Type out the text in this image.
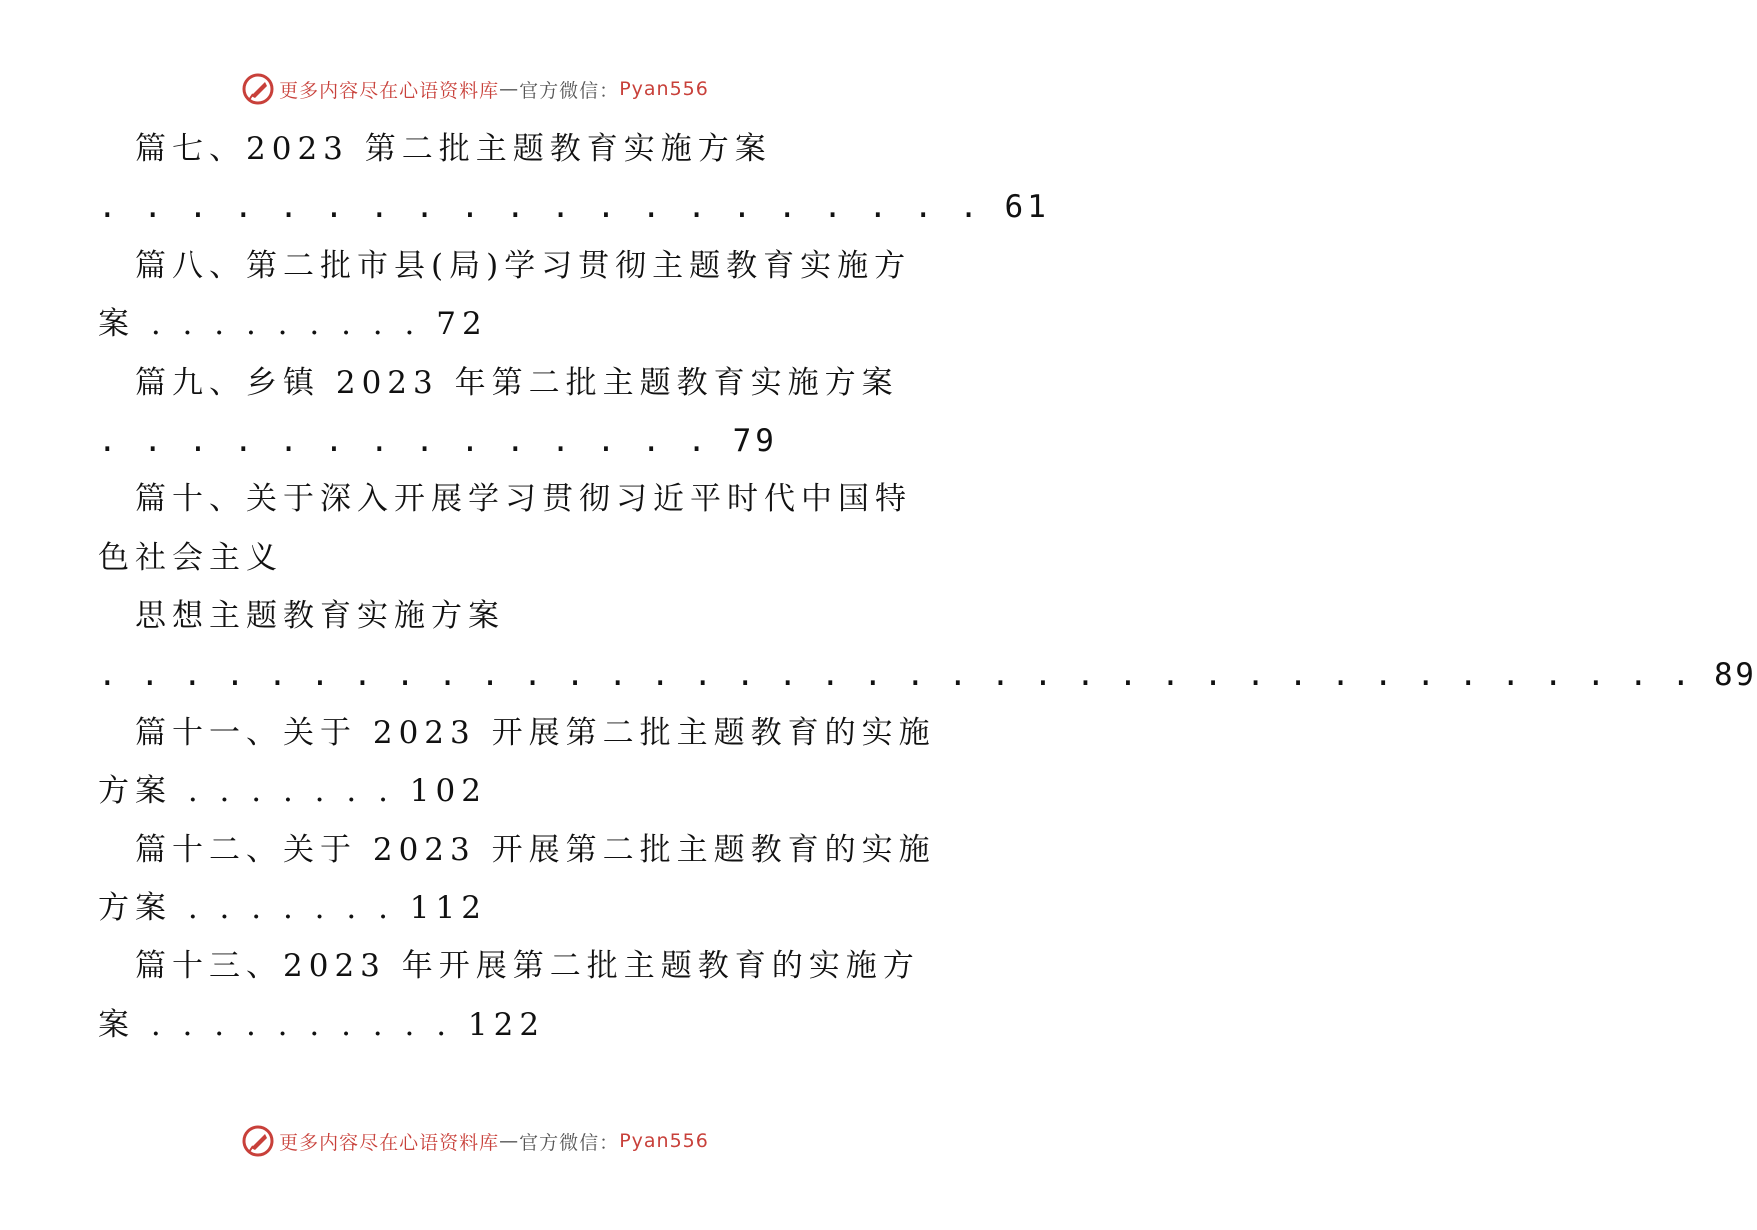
更多内容尽在心语资料库 — 官方微信： Pyan556
篇七、2023 第二批主题教育实施方案
. . . . . . . . . . . . . . . . . . . . 61
篇八、第二批市县(局)学习贯彻主题教育实施方
案 . . . . . . . . . 72
篇九、乡镇 2023 年第二批主题教育实施方案
. . . . . . . . . . . . . . 79
篇十、关于深入开展学习贯彻习近平时代中国特
色社会主义
思想主题教育实施方案
. . . . . . . . . . . . . . . . . . . . . . . . . . . . . . . . . . . . . . 89
篇十一、关于 2023 开展第二批主题教育的实施
方案 . . . . . . . 102
篇十二、关于 2023 开展第二批主题教育的实施
方案 . . . . . . . 112
篇十三、2023 年开展第二批主题教育的实施方
案 . . . . . . . . . . 122
更多内容尽在心语资料库 — 官方微信： Pyan556
